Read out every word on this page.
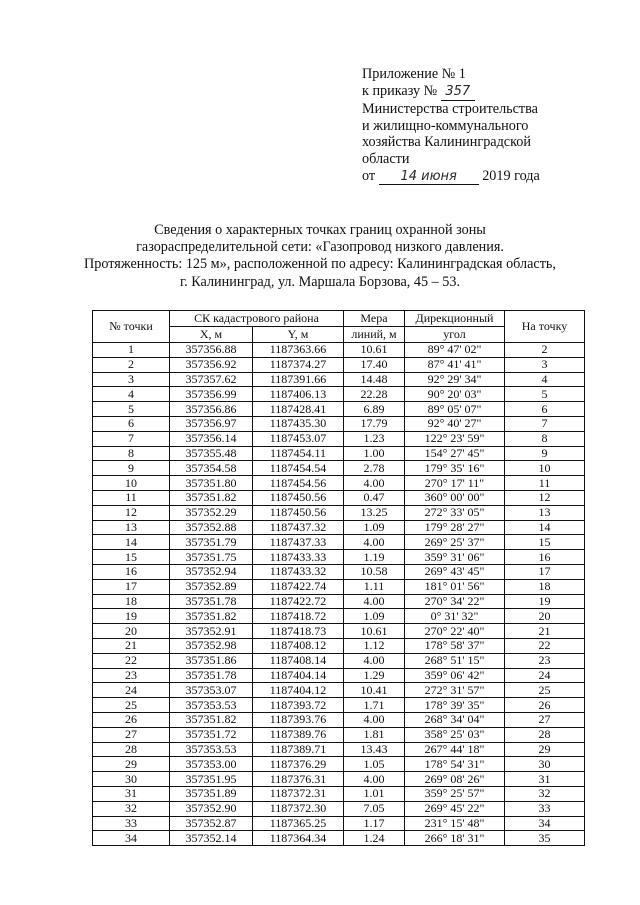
Приложение № 1
к приказу № 357
Министерства строительства
и жилищно-коммунального
хозяйства Калининградской
области
от 14 июня 2019 года
Сведения о характерных точках границ охранной зоны
газораспределительной сети: «Газопровод низкого давления.
Протяженность: 125 м», расположенной по адресу: Калининградская область,
г. Калининград, ул. Маршала Борзова, 45 – 53.
№ точки	СК кадастрового района		Мера	Дирекционный	На точку
	X, м	Y, м	линий, м	угол	
1	357356.88	1187363.66	10.61	89° 47' 02"	2
2	357356.92	1187374.27	17.40	87° 41' 41"	3
3	357357.62	1187391.66	14.48	92° 29' 34"	4
4	357356.99	1187406.13	22.28	90° 20' 03"	5
5	357356.86	1187428.41	6.89	89° 05' 07"	6
6	357356.97	1187435.30	17.79	92° 40' 27"	7
7	357356.14	1187453.07	1.23	122° 23' 59"	8
8	357355.48	1187454.11	1.00	154° 27' 45"	9
9	357354.58	1187454.54	2.78	179° 35' 16"	10
10	357351.80	1187454.56	4.00	270° 17' 11"	11
11	357351.82	1187450.56	0.47	360° 00' 00"	12
12	357352.29	1187450.56	13.25	272° 33' 05"	13
13	357352.88	1187437.32	1.09	179° 28' 27"	14
14	357351.79	1187437.33	4.00	269° 25' 37"	15
15	357351.75	1187433.33	1.19	359° 31' 06"	16
16	357352.94	1187433.32	10.58	269° 43' 45"	17
17	357352.89	1187422.74	1.11	181° 01' 56"	18
18	357351.78	1187422.72	4.00	270° 34' 22"	19
19	357351.82	1187418.72	1.09	0° 31' 32"	20
20	357352.91	1187418.73	10.61	270° 22' 40"	21
21	357352.98	1187408.12	1.12	178° 58' 37"	22
22	357351.86	1187408.14	4.00	268° 51' 15"	23
23	357351.78	1187404.14	1.29	359° 06' 42"	24
24	357353.07	1187404.12	10.41	272° 31' 57"	25
25	357353.53	1187393.72	1.71	178° 39' 35"	26
26	357351.82	1187393.76	4.00	268° 34' 04"	27
27	357351.72	1187389.76	1.81	358° 25' 03"	28
28	357353.53	1187389.71	13.43	267° 44' 18"	29
29	357353.00	1187376.29	1.05	178° 54' 31"	30
30	357351.95	1187376.31	4.00	269° 08' 26"	31
31	357351.89	1187372.31	1.01	359° 25' 57"	32
32	357352.90	1187372.30	7.05	269° 45' 22"	33
33	357352.87	1187365.25	1.17	231° 15' 48"	34
34	357352.14	1187364.34	1.24	266° 18' 31"	35
